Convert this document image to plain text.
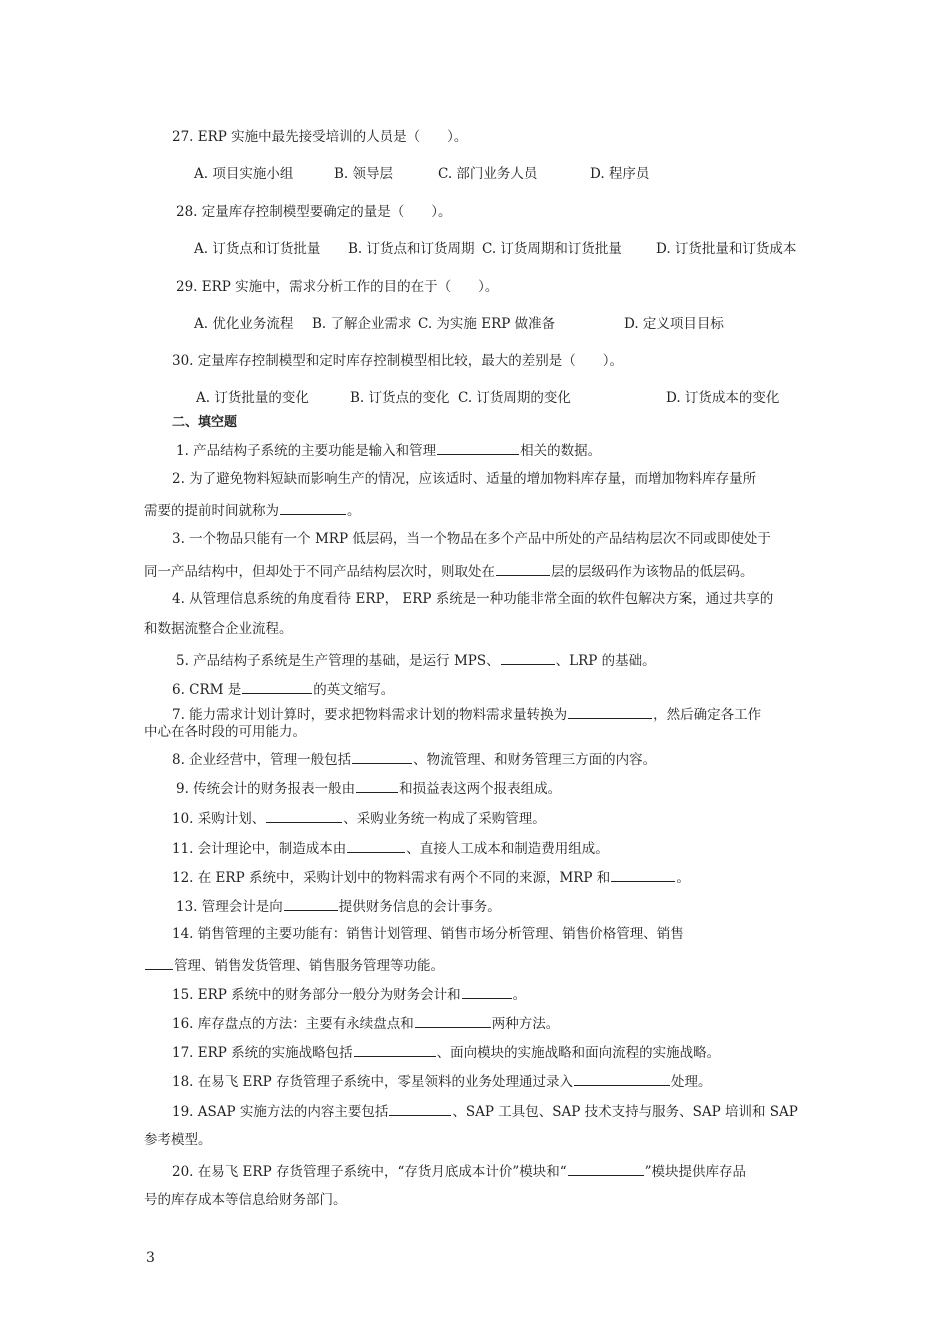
27. ERP 实施中最先接受培训的人员是（　　）。
A. 项目实施小组	B. 领导层	C. 部门业务人员	D. 程序员
28. 定量库存控制模型要确定的量是（　　）。
A. 订货点和订货批量 B. 订货点和订货周期 C. 订货周期和订货批量	D. 订货批量和订货成本
29. ERP 实施中，需求分析工作的目的在于（　　）。
A. 优化业务流程 B. 了解企业需求 C. 为实施 ERP 做准备	D. 定义项目目标
30. 定量库存控制模型和定时库存控制模型相比较，最大的差别是（　　）。
A. 订货批量的变化	B. 订货点的变化 C. 订货周期的变化	D. 订货成本的变化
二、填空题
1. 产品结构子系统的主要功能是输入和管理	相关的数据。
2. 为了避免物料短缺而影响生产的情况，应该适时、适量的增加物料库存量，而增加物料库存量所
需要的提前时间就称为	。
3. 一个物品只能有一个 MRP 低层码，当一个物品在多个产品中所处的产品结构层次不同或即使处于
同一产品结构中，但却处于不同产品结构层次时，则取处在	层的层级码作为该物品的低层码。
4. 从管理信息系统的角度看待 ERP， ERP 系统是一种功能非常全面的软件包解决方案，通过共享的
和数据流整合企业流程。
5. 产品结构子系统是生产管理的基础，是运行 MPS、	、LRP 的基础。
6. CRM 是	的英文缩写。
7. 能力需求计划计算时，要求把物料需求计划的物料需求量转换为	，然后确定各工作
中心在各时段的可用能力。
8. 企业经营中，管理一般包括	、物流管理、和财务管理三方面的内容。
9. 传统会计的财务报表一般由	和损益表这两个报表组成。
10. 采购计划、	、采购业务统一构成了采购管理。
11. 会计理论中，制造成本由	、直接人工成本和制造费用组成。
12. 在 ERP 系统中，采购计划中的物料需求有两个不同的来源，MRP 和	。
13. 管理会计是向	提供财务信息的会计事务。
14. 销售管理的主要功能有：销售计划管理、销售市场分析管理、销售价格管理、销售
管理、销售发货管理、销售服务管理等功能。
15. ERP 系统中的财务部分一般分为财务会计和	。
16. 库存盘点的方法：主要有永续盘点和	两种方法。
17. ERP 系统的实施战略包括	、面向模块的实施战略和面向流程的实施战略。
18. 在易飞 ERP 存货管理子系统中，零星领料的业务处理通过录入	处理。
19. ASAP 实施方法的内容主要包括	、SAP 工具包、SAP 技术支持与服务、SAP 培训和 SAP
参考模型。
20. 在易飞 ERP 存货管理子系统中，“存货月底成本计价”模块和“	”模块提供库存品
号的库存成本等信息给财务部门。
3
